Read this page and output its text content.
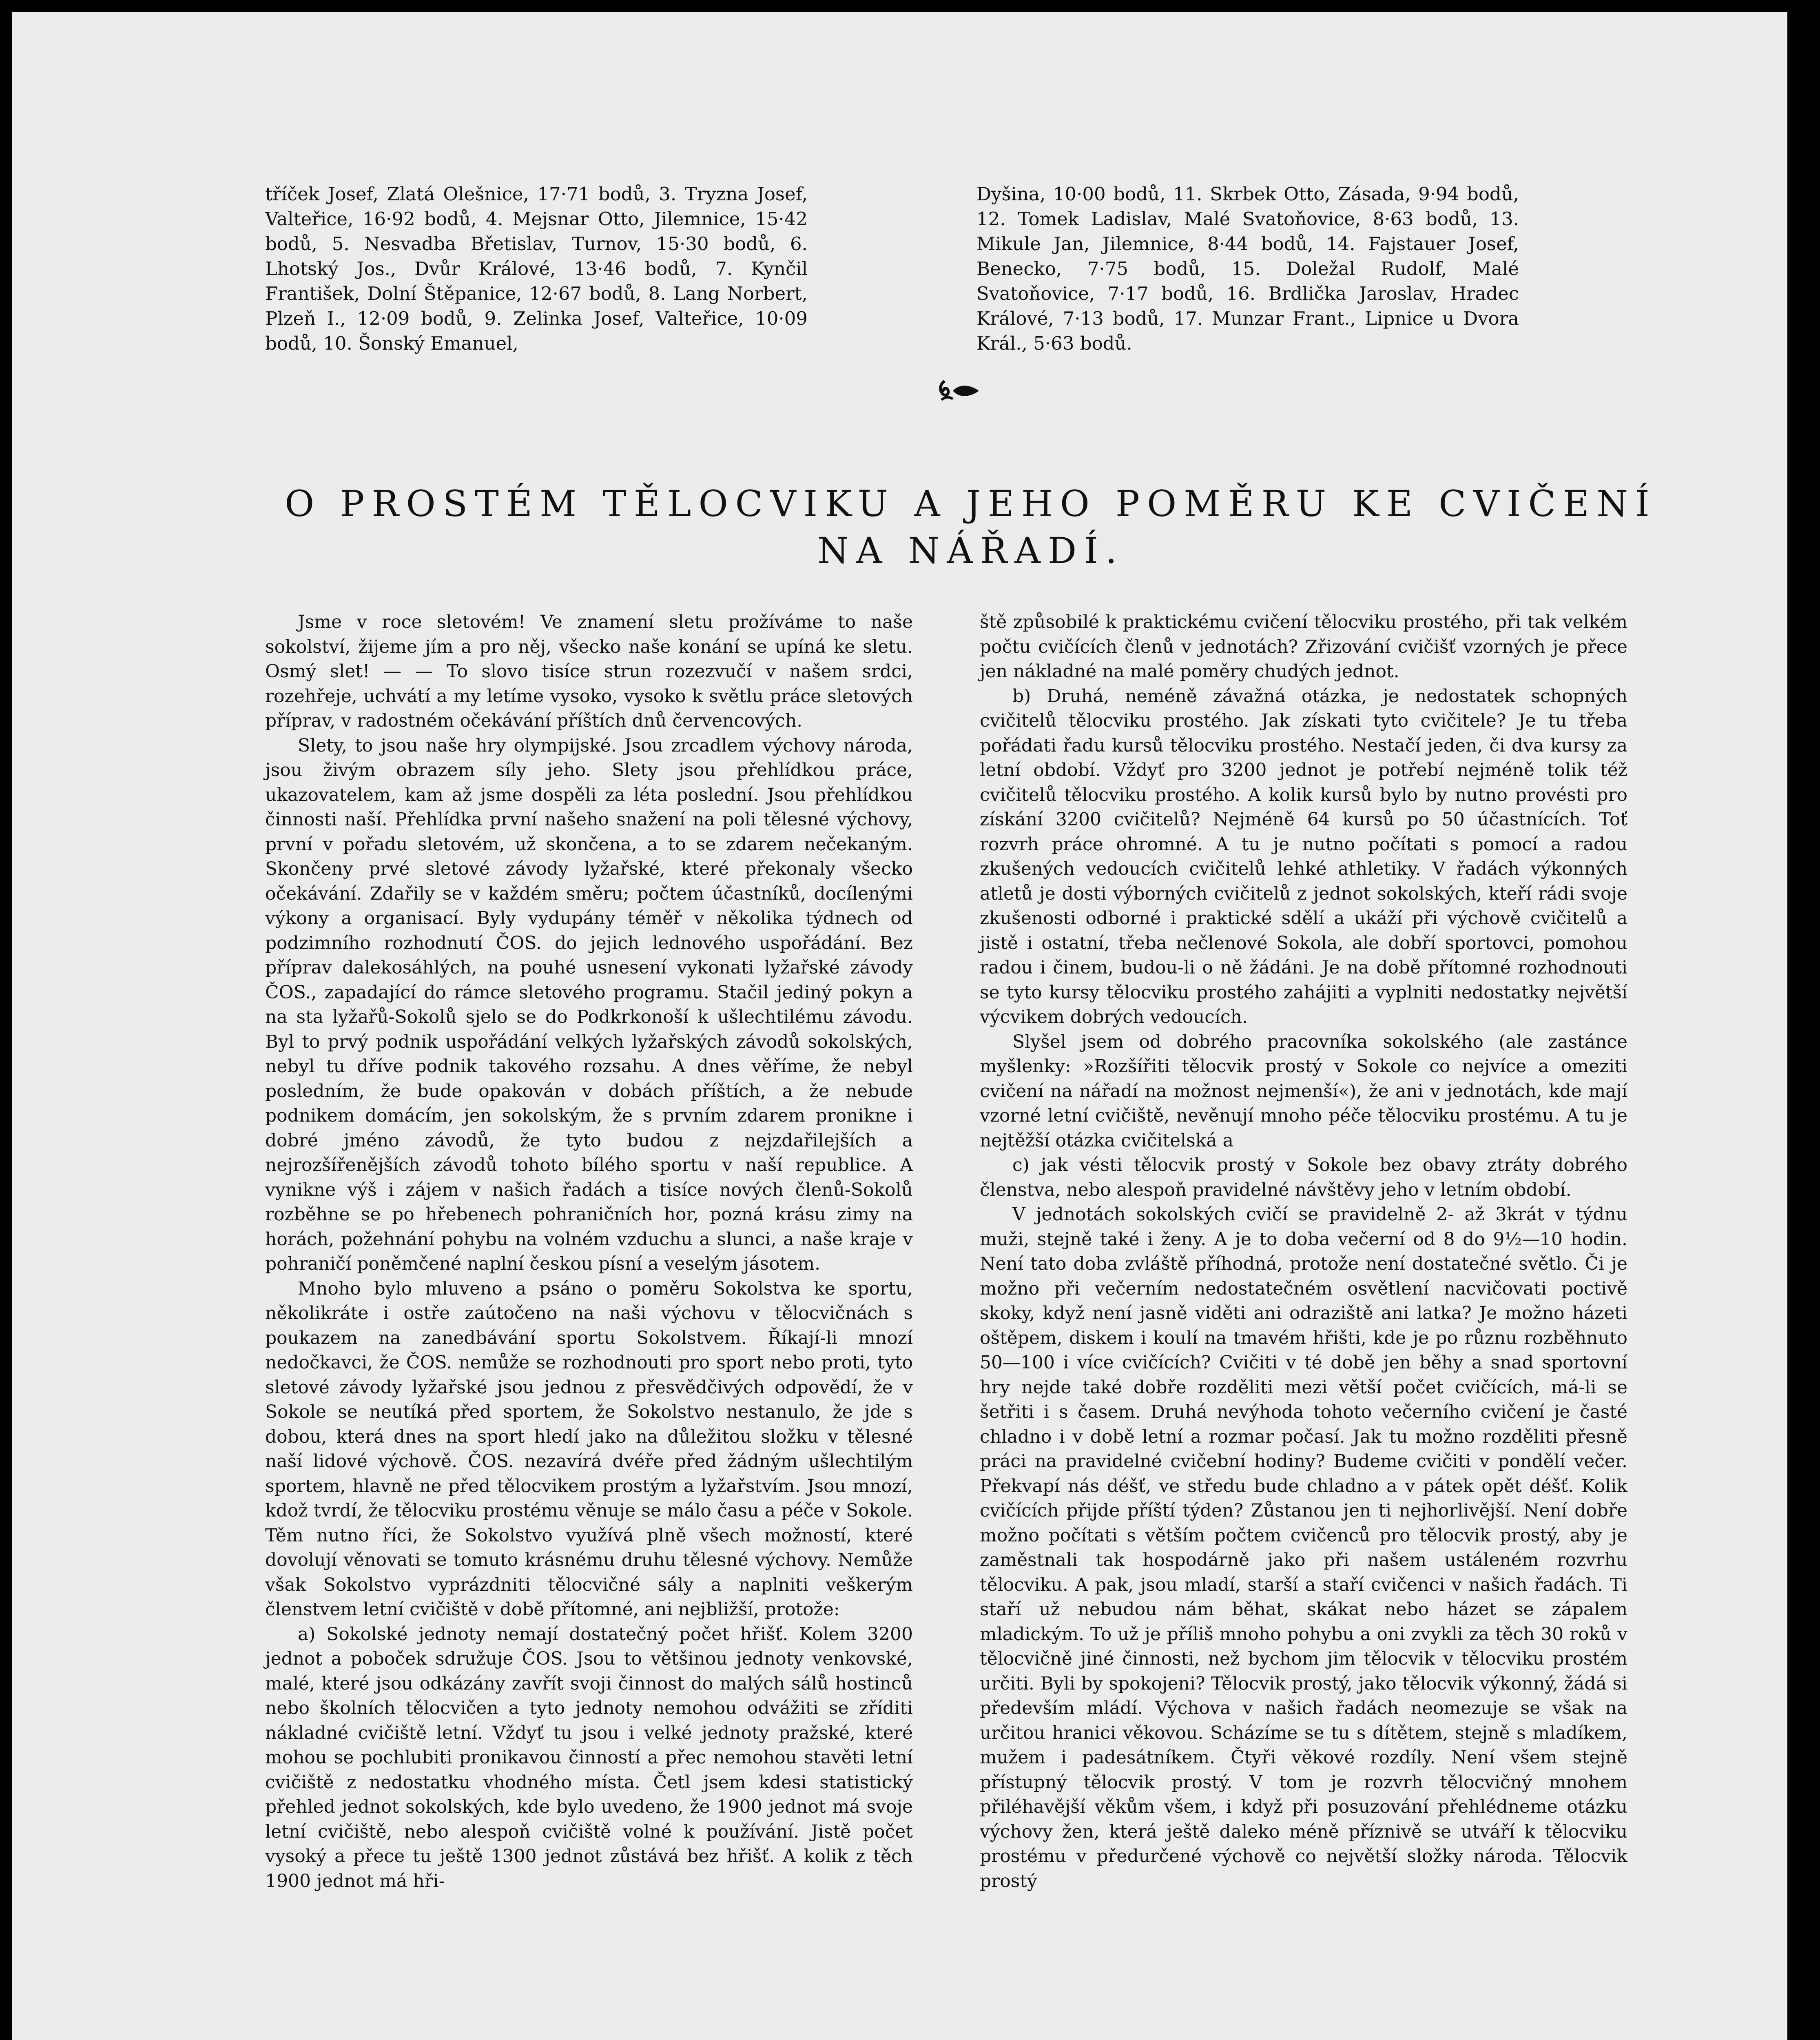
tříček Josef, Zlatá Olešnice, 17·71 bodů, 3. Tryzna Josef, Valteřice, 16·92 bodů, 4. Mejsnar Otto, Jilemnice, 15·42 bodů, 5. Nesvadba Břetislav, Turnov, 15·30 bodů, 6. Lhotský Jos., Dvůr Králové, 13·46 bodů, 7. Kynčil František, Dolní Štěpanice, 12·67 bodů, 8. Lang Norbert, Plzeň I., 12·09 bodů, 9. Zelinka Josef, Valteřice, 10·09 bodů, 10. Šonský Emanuel,

Dyšina, 10·00 bodů, 11. Skrbek Otto, Zásada, 9·94 bodů, 12. Tomek Ladislav, Malé Svatoňovice, 8·63 bodů, 13. Mikule Jan, Jilemnice, 8·44 bodů, 14. Fajstauer Josef, Benecko, 7·75 bodů, 15. Doležal Rudolf, Malé Svatoňovice, 7·17 bodů, 16. Brdlička Jaroslav, Hradec Králové, 7·13 bodů, 17. Munzar Frant., Lipnice u Dvora Král., 5·63 bodů.

O PROSTÉM TĚLOCVIKU A JEHO POMĚRU KE CVIČENÍ
NA NÁŘADÍ.

Jsme v roce sletovém! Ve znamení sletu prožíváme to naše sokolství, žijeme jím a pro něj, všecko naše konání se upíná ke sletu. Osmý slet! — — To slovo tisíce strun rozezvučí v našem srdci, rozehřeje, uchvátí a my letíme vysoko, vysoko k světlu práce sletových příprav, v radostném očekávání příštích dnů červencových.

Slety, to jsou naše hry olympijské. Jsou zrcadlem výchovy národa, jsou živým obrazem síly jeho. Slety jsou přehlídkou práce, ukazovatelem, kam až jsme dospěli za léta poslední. Jsou přehlídkou činnosti naší. Přehlídka první našeho snažení na poli tělesné výchovy, první v pořadu sletovém, už skončena, a to se zdarem nečekaným. Skončeny prvé sletové závody lyžařské, které překonaly všecko očekávání. Zdařily se v každém směru; počtem účastníků, docílenými výkony a organisací. Byly vydupány téměř v několika týdnech od podzimního rozhodnutí ČOS. do jejich lednového uspořádání. Bez příprav dalekosáhlých, na pouhé usnesení vykonati lyžařské závody ČOS., zapadající do rámce sletového programu. Stačil jediný pokyn a na sta lyžařů-Sokolů sjelo se do Podkrkonoší k ušlechtilému závodu. Byl to prvý podnik uspořádání velkých lyžařských závodů sokolských, nebyl tu dříve podnik takového rozsahu. A dnes věříme, že nebyl posledním, že bude opakován v dobách příštích, a že nebude podnikem domácím, jen sokolským, že s prvním zdarem pronikne i dobré jméno závodů, že tyto budou z nejzdařilejších a nejrozšířenějších závodů tohoto bílého sportu v naší republice. A vynikne výš i zájem v našich řadách a tisíce nových členů-Sokolů rozběhne se po hřebenech pohraničních hor, pozná krásu zimy na horách, požehnání pohybu na volném vzduchu a slunci, a naše kraje v pohraničí poněmčené naplní českou písní a veselým jásotem.

Mnoho bylo mluveno a psáno o poměru Sokolstva ke sportu, několikráte i ostře zaútočeno na naši výchovu v tělocvičnách s poukazem na zanedbávání sportu Sokolstvem. Říkají-li mnozí nedočkavci, že ČOS. nemůže se rozhodnouti pro sport nebo proti, tyto sletové závody lyžařské jsou jednou z přesvědčivých odpovědí, že v Sokole se neutíká před sportem, že Sokolstvo nestanulo, že jde s dobou, která dnes na sport hledí jako na důležitou složku v tělesné naší lidové výchově. ČOS. nezavírá dvéře před žádným ušlechtilým sportem, hlavně ne před tělocvikem prostým a lyžařstvím. Jsou mnozí, kdož tvrdí, že tělocviku prostému věnuje se málo času a péče v Sokole. Těm nutno říci, že Sokolstvo využívá plně všech možností, které dovolují věnovati se tomuto krásnému druhu tělesné výchovy. Nemůže však Sokolstvo vyprázdniti tělocvičné sály a naplniti veškerým členstvem letní cvičiště v době přítomné, ani nejbližší, protože:

a) Sokolské jednoty nemají dostatečný počet hřišť. Kolem 3200 jednot a poboček sdružuje ČOS. Jsou to většinou jednoty venkovské, malé, které jsou odkázány zavřít svoji činnost do malých sálů hostinců nebo školních tělocvičen a tyto jednoty nemohou odvážiti se zříditi nákladné cvičiště letní. Vždyť tu jsou i velké jednoty pražské, které mohou se pochlubiti pronikavou činností a přec nemohou stavěti letní cvičiště z nedostatku vhodného místa. Četl jsem kdesi statistický přehled jednot sokolských, kde bylo uvedeno, že 1900 jednot má svoje letní cvičiště, nebo alespoň cvičiště volné k používání. Jistě počet vysoký a přece tu ještě 1300 jednot zůstává bez hřišť. A kolik z těch 1900 jednot má hři-

ště způsobilé k praktickému cvičení tělocviku prostého, při tak velkém počtu cvičících členů v jednotách? Zřizování cvičišť vzorných je přece jen nákladné na malé poměry chudých jednot.

b) Druhá, neméně závažná otázka, je nedostatek schopných cvičitelů tělocviku prostého. Jak získati tyto cvičitele? Je tu třeba pořádati řadu kursů tělocviku prostého. Nestačí jeden, či dva kursy za letní období. Vždyť pro 3200 jednot je potřebí nejméně tolik též cvičitelů tělocviku prostého. A kolik kursů bylo by nutno provésti pro získání 3200 cvičitelů? Nejméně 64 kursů po 50 účastnících. Toť rozvrh práce ohromné. A tu je nutno počítati s pomocí a radou zkušených vedoucích cvičitelů lehké athletiky. V řadách výkonných atletů je dosti výborných cvičitelů z jednot sokolských, kteří rádi svoje zkušenosti odborné i praktické sdělí a ukáží při výchově cvičitelů a jistě i ostatní, třeba nečlenové Sokola, ale dobří sportovci, pomohou radou i činem, budou-li o ně žádáni. Je na době přítomné rozhodnouti se tyto kursy tělocviku prostého zahájiti a vyplniti nedostatky největší výcvikem dobrých vedoucích.

Slyšel jsem od dobrého pracovníka sokolského (ale zastánce myšlenky: »Rozšířiti tělocvik prostý v Sokole co nejvíce a omeziti cvičení na nářadí na možnost nejmenší«), že ani v jednotách, kde mají vzorné letní cvičiště, nevěnují mnoho péče tělocviku prostému. A tu je nejtěžší otázka cvičitelská a

c) jak vésti tělocvik prostý v Sokole bez obavy ztráty dobrého členstva, nebo alespoň pravidelné návštěvy jeho v letním období.

V jednotách sokolských cvičí se pravidelně 2- až 3krát v týdnu muži, stejně také i ženy. A je to doba večerní od 8 do 9½—10 hodin. Není tato doba zvláště příhodná, protože není dostatečné světlo. Či je možno při večerním nedostatečném osvětlení nacvičovati poctivě skoky, když není jasně viděti ani odraziště ani latka? Je možno házeti oštěpem, diskem i koulí na tmavém hřišti, kde je po různu rozběhnuto 50—100 i více cvičících? Cvičiti v té době jen běhy a snad sportovní hry nejde také dobře rozděliti mezi větší počet cvičících, má-li se šetřiti i s časem. Druhá nevýhoda tohoto večerního cvičení je časté chladno i v době letní a rozmar počasí. Jak tu možno rozděliti přesně práci na pravidelné cvičební hodiny? Budeme cvičiti v pondělí večer. Překvapí nás déšť, ve středu bude chladno a v pátek opět déšť. Kolik cvičících přijde příští týden? Zůstanou jen ti nejhorlivější. Není dobře možno počítati s větším počtem cvičenců pro tělocvik prostý, aby je zaměstnali tak hospodárně jako při našem ustáleném rozvrhu tělocviku. A pak, jsou mladí, starší a staří cvičenci v našich řadách. Ti staří už nebudou nám běhat, skákat nebo házet se zápalem mladickým. To už je příliš mnoho pohybu a oni zvykli za těch 30 roků v tělocvičně jiné činnosti, než bychom jim tělocvik v tělocviku prostém určiti. Byli by spokojeni? Tělocvik prostý, jako tělocvik výkonný, žádá si především mládí. Výchova v našich řadách neomezuje se však na určitou hranici věkovou. Scházíme se tu s dítětem, stejně s mladíkem, mužem i padesátníkem. Čtyři věkové rozdíly. Není všem stejně přístupný tělocvik prostý. V tom je rozvrh tělocvičný mnohem přiléhavější věkům všem, i když při posuzování přehlédneme otázku výchovy žen, která ještě daleko méně příznivě se utváří k tělocviku prostému v předurčené výchově co největší složky národa. Tělocvik prostý
